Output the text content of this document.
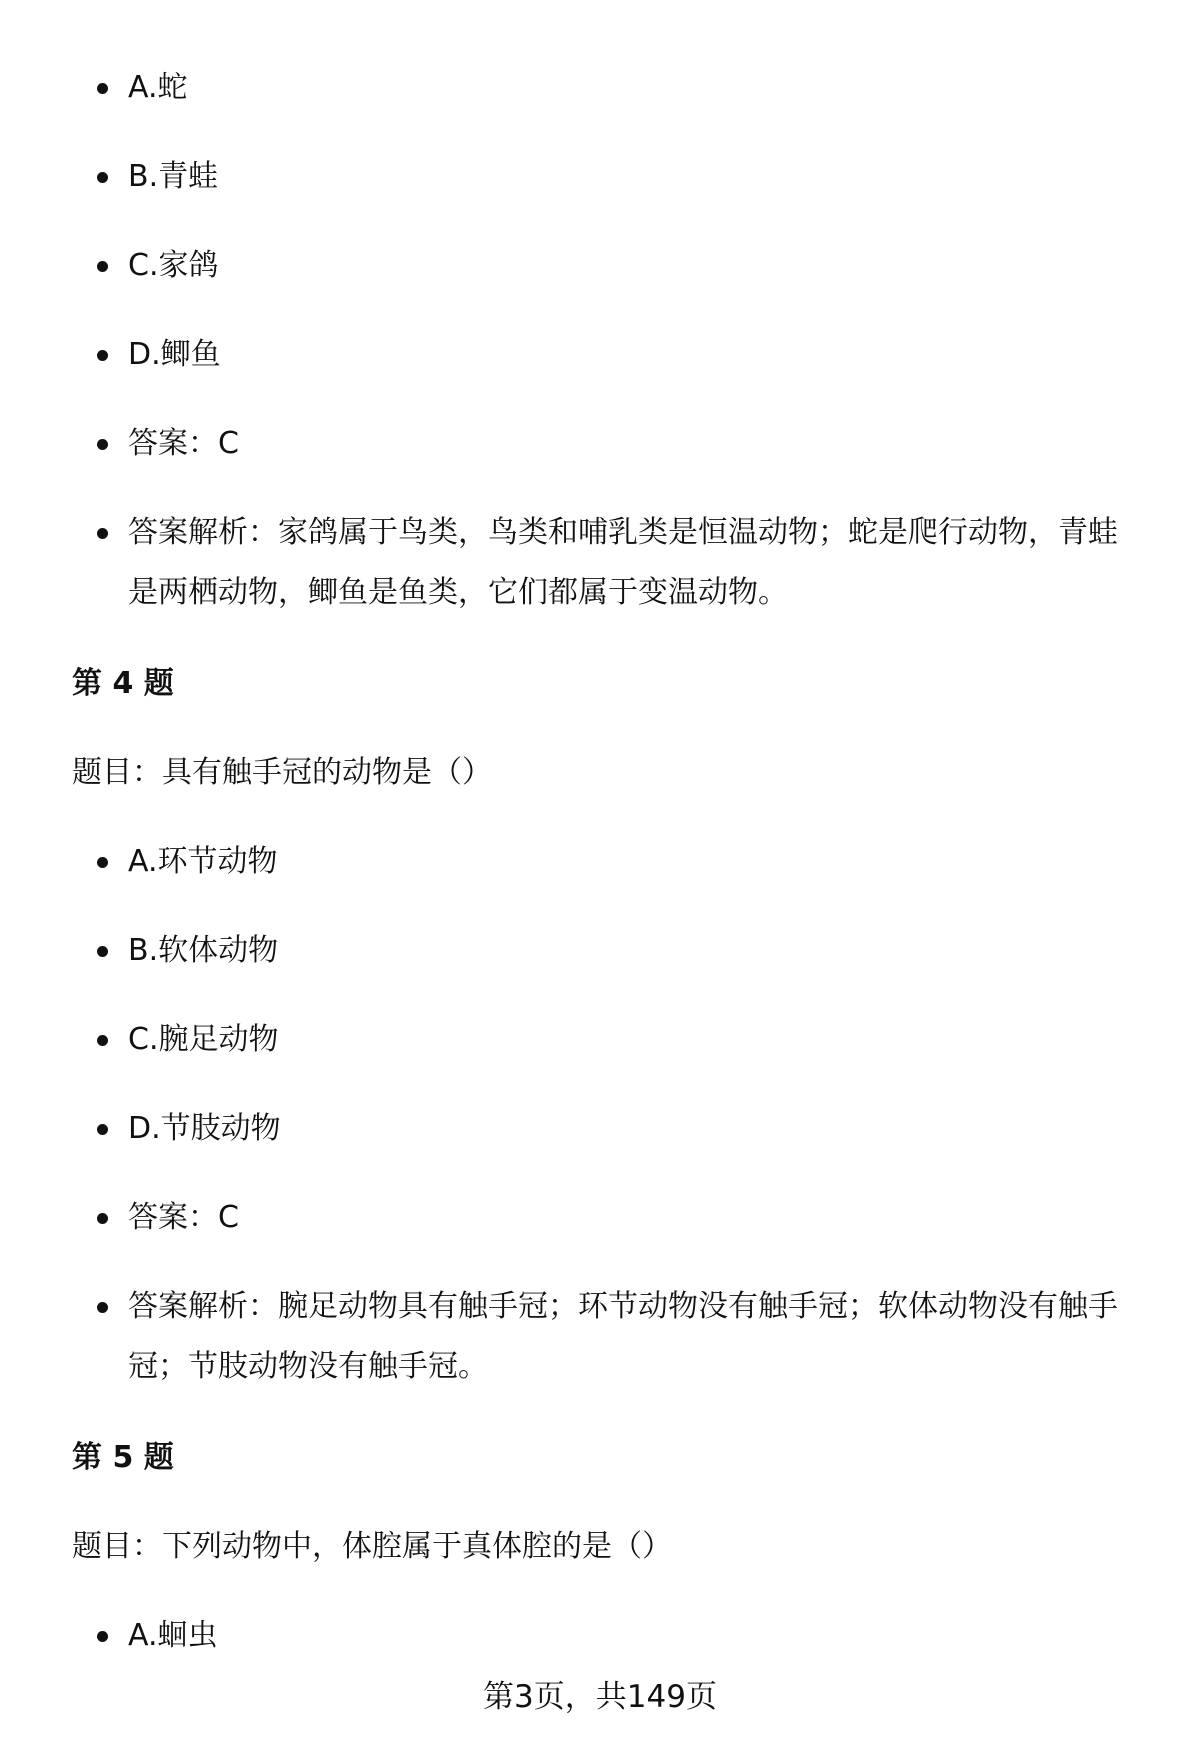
A.蛇
B.青蛙
C.家鸽
D.鲫鱼
答案：C
答案解析：家鸽属于鸟类，鸟类和哺乳类是恒温动物；蛇是爬行动物，青蛙是两栖动物，鲫鱼是鱼类，它们都属于变温动物。
第 4 题
题目：具有触手冠的动物是（）
A.环节动物
B.软体动物
C.腕足动物
D.节肢动物
答案：C
答案解析：腕足动物具有触手冠；环节动物没有触手冠；软体动物没有触手冠；节肢动物没有触手冠。
第 5 题
题目：下列动物中，体腔属于真体腔的是（）
A.蛔虫
第3页，共149页
